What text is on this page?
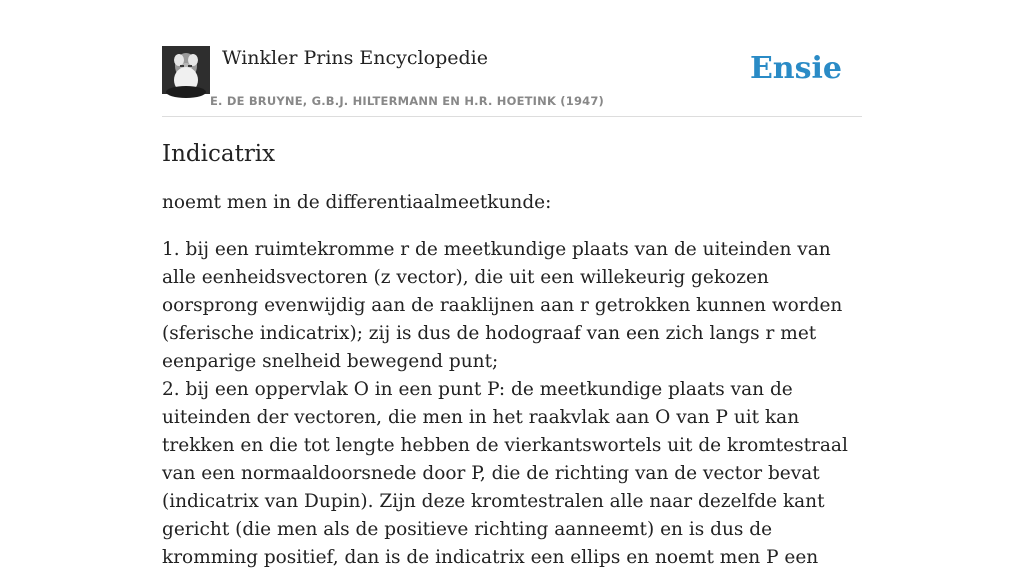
Winkler Prins Encyclopedie
E. DE BRUYNE, G.B.J. HILTERMANN EN H.R. HOETINK (1947)
Ensie
Indicatrix

noemt men in de differentiaalmeetkunde:

1. bij een ruimtekromme r de meetkundige plaats van de uiteinden van alle eenheidsvectoren (z vector), die uit een willekeurig gekozen oorsprong evenwijdig aan de raaklijnen aan r getrokken kunnen worden (sferische indicatrix); zij is dus de hodograaf van een zich langs r met eenparige snelheid bewegend punt;

2. bij een oppervlak O in een punt P: de meetkundige plaats van de uiteinden der vectoren, die men in het raakvlak aan O van P uit kan trekken en die tot lengte hebben de vierkantswortels uit de kromtestraal van een normaaldoorsnede door P, die de richting van de vector bevat (indicatrix van Dupin). Zijn deze kromtestralen alle naar dezelfde kant gericht (die men als de positieve richting aanneemt) en is dus de kromming positief, dan is de indicatrix een ellips en noemt men P een
